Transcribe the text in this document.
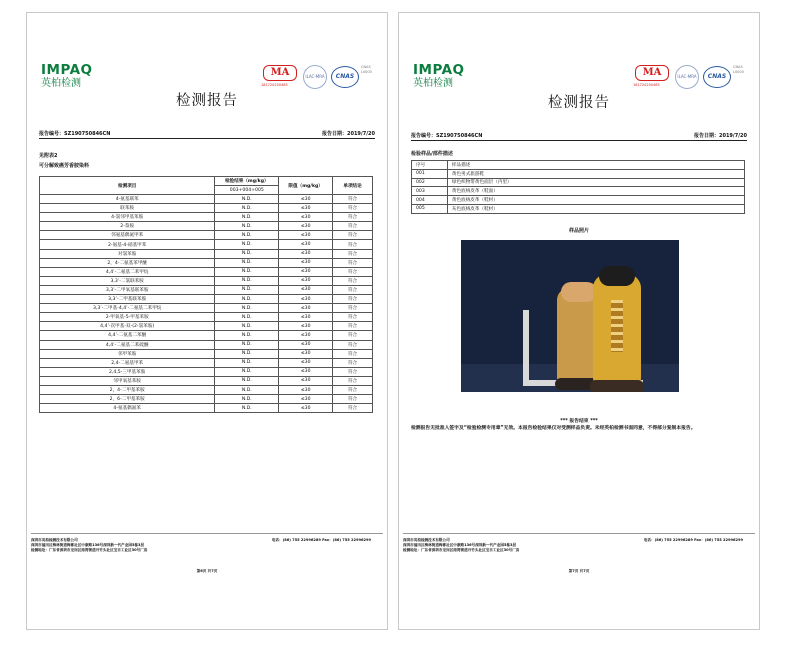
IMPAQ
英柏检测
MA
181720250485
ILAC-MRA	CNAS
CNAS L0000
检测报告
报告编号：SZ190750846CN	报告日期：2019/7/20
见附表2
可分解致癌芳香胺染料
检测项目	检验结果（mg/kg）	限值（mg/kg）	单项结论
	003+004+005		
4-氨基联苯	N.D.	≤30	符合
联苯胺	N.D.	≤30	符合
4-氯邻甲基苯胺	N.D.	≤30	符合
2-萘胺	N.D.	≤30	符合
邻氨基偶氮甲苯	N.D.	≤30	符合
2-氨基-4-硝基甲苯	N.D.	≤30	符合
对氯苯胺	N.D.	≤30	符合
2，4-二氨基苯甲醚	N.D.	≤30	符合
4,4’-二氨基二苯甲烷	N.D.	≤30	符合
3,3’-二氯联苯胺	N.D.	≤30	符合
3,3’-二甲氧基联苯胺	N.D.	≤30	符合
3,3’-二甲基联苯胺	N.D.	≤30	符合
3,3’-二甲基-4,4’-二氨基二苯甲烷	N.D.	≤30	符合
2-甲氧基-5-甲基苯胺	N.D.	≤30	符合
4,4’-次甲基-双-(2-氯苯胺)	N.D.	≤30	符合
4,4’-二氨基二苯醚	N.D.	≤30	符合
4,4’-二氨基二苯硫醚	N.D.	≤30	符合
邻甲苯胺	N.D.	≤30	符合
2,4-二氨基甲苯	N.D.	≤30	符合
2,4,5-三甲基苯胺	N.D.	≤30	符合
邻甲氧基苯胺	N.D.	≤30	符合
2，4-二甲基苯胺	N.D.	≤30	符合
2，6-二甲基苯胺	N.D.	≤30	符合
4-氨基偶氮苯	N.D.	≤30	符合
深圳市英柏检测技术有限公司
深圳市福田区梅林街道梅都社区中康路136号深圳新一代产业园5栋3层
检测地址：广东省深圳市龙岗区南湾街道丹竹头社区宝吉工业区30号厂房
电话：(86) 755 22996289 Fax：(86) 755 22996299
第6页 共7页
IMPAQ
英柏检测
MA
181720250485
ILAC-MRA	CNAS
CNAS L0000
检测报告
报告编号：SZ190750846CN	报告日期：2019/7/20
检验样品/部件描述
序号	样品描述
001	黄色男式旅游鞋
002	绿色织物带黄色面层（内里）
003	黄色底绒皮革（鞋面）
004	黄色底绒皮革（鞋材）
005	灰色底绒皮革（鞋材）
样品照片
*** 报告结束 ***
检测报告无批准人签字及“检验检测专用章”无效。本报告检验结果仅对受测样品负责。未经英柏检测书面同意，不得部分复制本报告。
深圳市英柏检测技术有限公司
深圳市福田区梅林街道梅都社区中康路136号深圳新一代产业园5栋3层
检测地址：广东省深圳市龙岗区南湾街道丹竹头社区宝吉工业区30号厂房
电话：(86) 755 22996289 Fax：(86) 755 22996299
第7页 共7页
